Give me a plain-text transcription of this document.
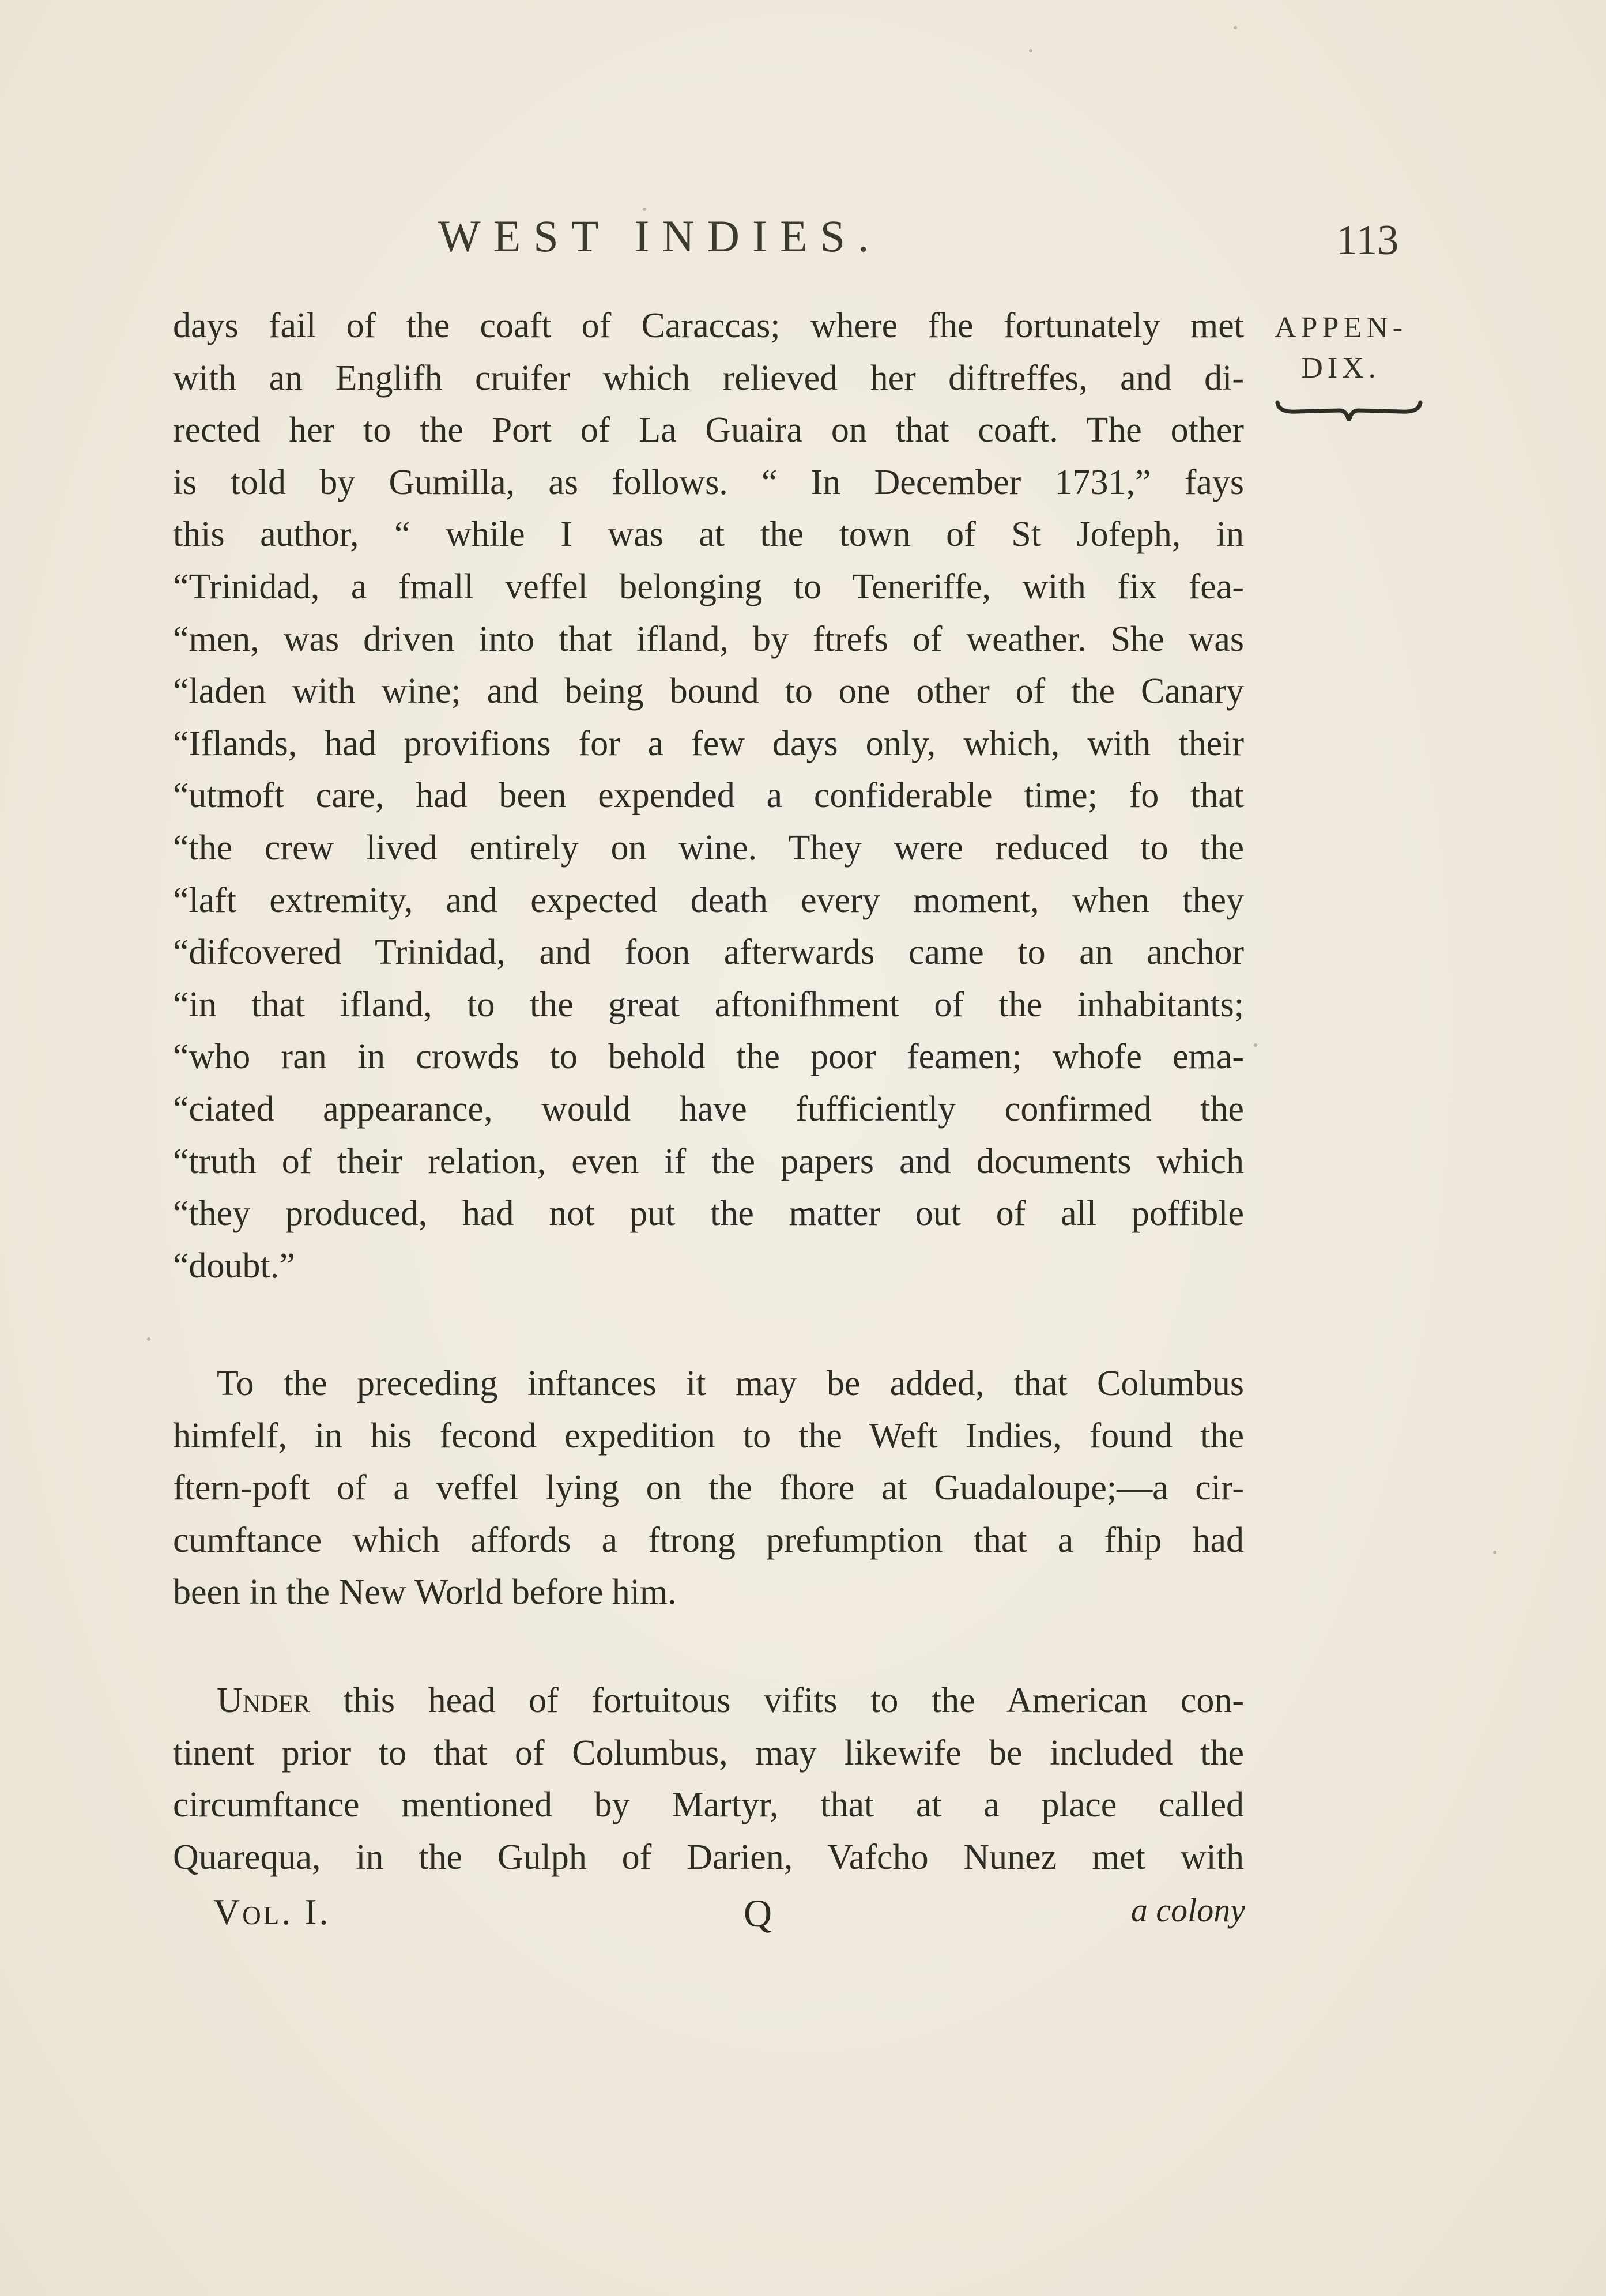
WEST INDIES.	113
APPEN-
DIX.
days fail of the coaft of Caraccas; where fhe fortunately met
with an Englifh cruifer which relieved her diftreffes, and di-
rected her to the Port of La Guaira on that coaft. The other
is told by Gumilla, as follows. “ In December 1731,” fays
this author, “ while I was at the town of St Jofeph, in
“ Trinidad, a fmall veffel belonging to Teneriffe, with fix fea-
“ men, was driven into that ifland, by ftrefs of weather. She was
“ laden with wine; and being bound to one other of the Canary
“ Iflands, had provifions for a few days only, which, with their
“ utmoft care, had been expended a confiderable time; fo that
“ the crew lived entirely on wine. They were reduced to the
“ laft extremity, and expected death every moment, when they
“ difcovered Trinidad, and foon afterwards came to an anchor
“ in that ifland, to the great aftonifhment of the inhabitants;
“ who ran in crowds to behold the poor feamen; whofe ema-
“ ciated appearance, would have fufficiently confirmed the
“ truth of their relation, even if the papers and documents which
“ they produced, had not put the matter out of all poffible
“ doubt.”
To the preceding inftances it may be added, that Columbus
himfelf, in his fecond expedition to the Weft Indies, found the
ftern-poft of a veffel lying on the fhore at Guadaloupe;—a cir-
cumftance which affords a ftrong prefumption that a fhip had
been in the New World before him.
Under this head of fortuitous vifits to the American con-
tinent prior to that of Columbus, may likewife be included the
circumftance mentioned by Martyr, that at a place called
Quarequa, in the Gulph of Darien, Vafcho Nunez met with
Vol. I.	Q	a colony
